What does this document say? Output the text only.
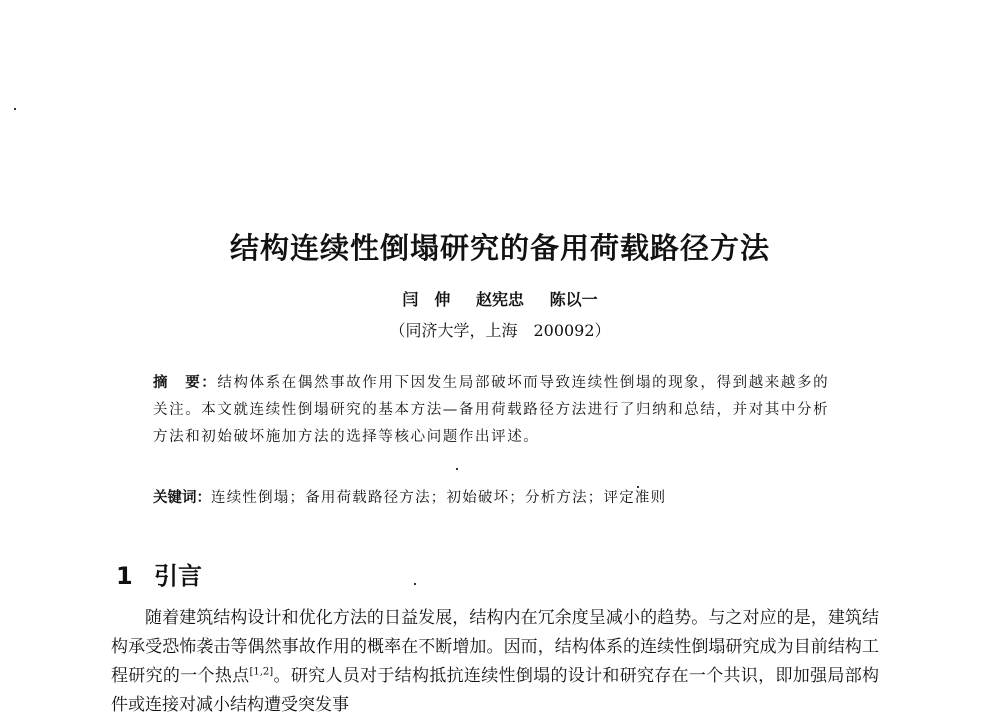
结构连续性倒塌研究的备用荷载路径方法
闫　伸 赵宪忠 陈以一
（同济大学，上海　200092）
摘　要：结构体系在偶然事故作用下因发生局部破坏而导致连续性倒塌的现象，得到越来越多的关注。本文就连续性倒塌研究的基本方法—备用荷载路径方法进行了归纳和总结，并对其中分析方法和初始破坏施加方法的选择等核心问题作出评述。
关键词：连续性倒塌；备用荷载路径方法；初始破坏；分析方法；评定准则
1 引言
随着建筑结构设计和优化方法的日益发展，结构内在冗余度呈减小的趋势。与之对应的是，建筑结构承受恐怖袭击等偶然事故作用的概率在不断增加。因而，结构体系的连续性倒塌研究成为目前结构工程研究的一个热点[1,2]。研究人员对于结构抵抗连续性倒塌的设计和研究存在一个共识，即加强局部构件或连接对减小结构遭受突发事
